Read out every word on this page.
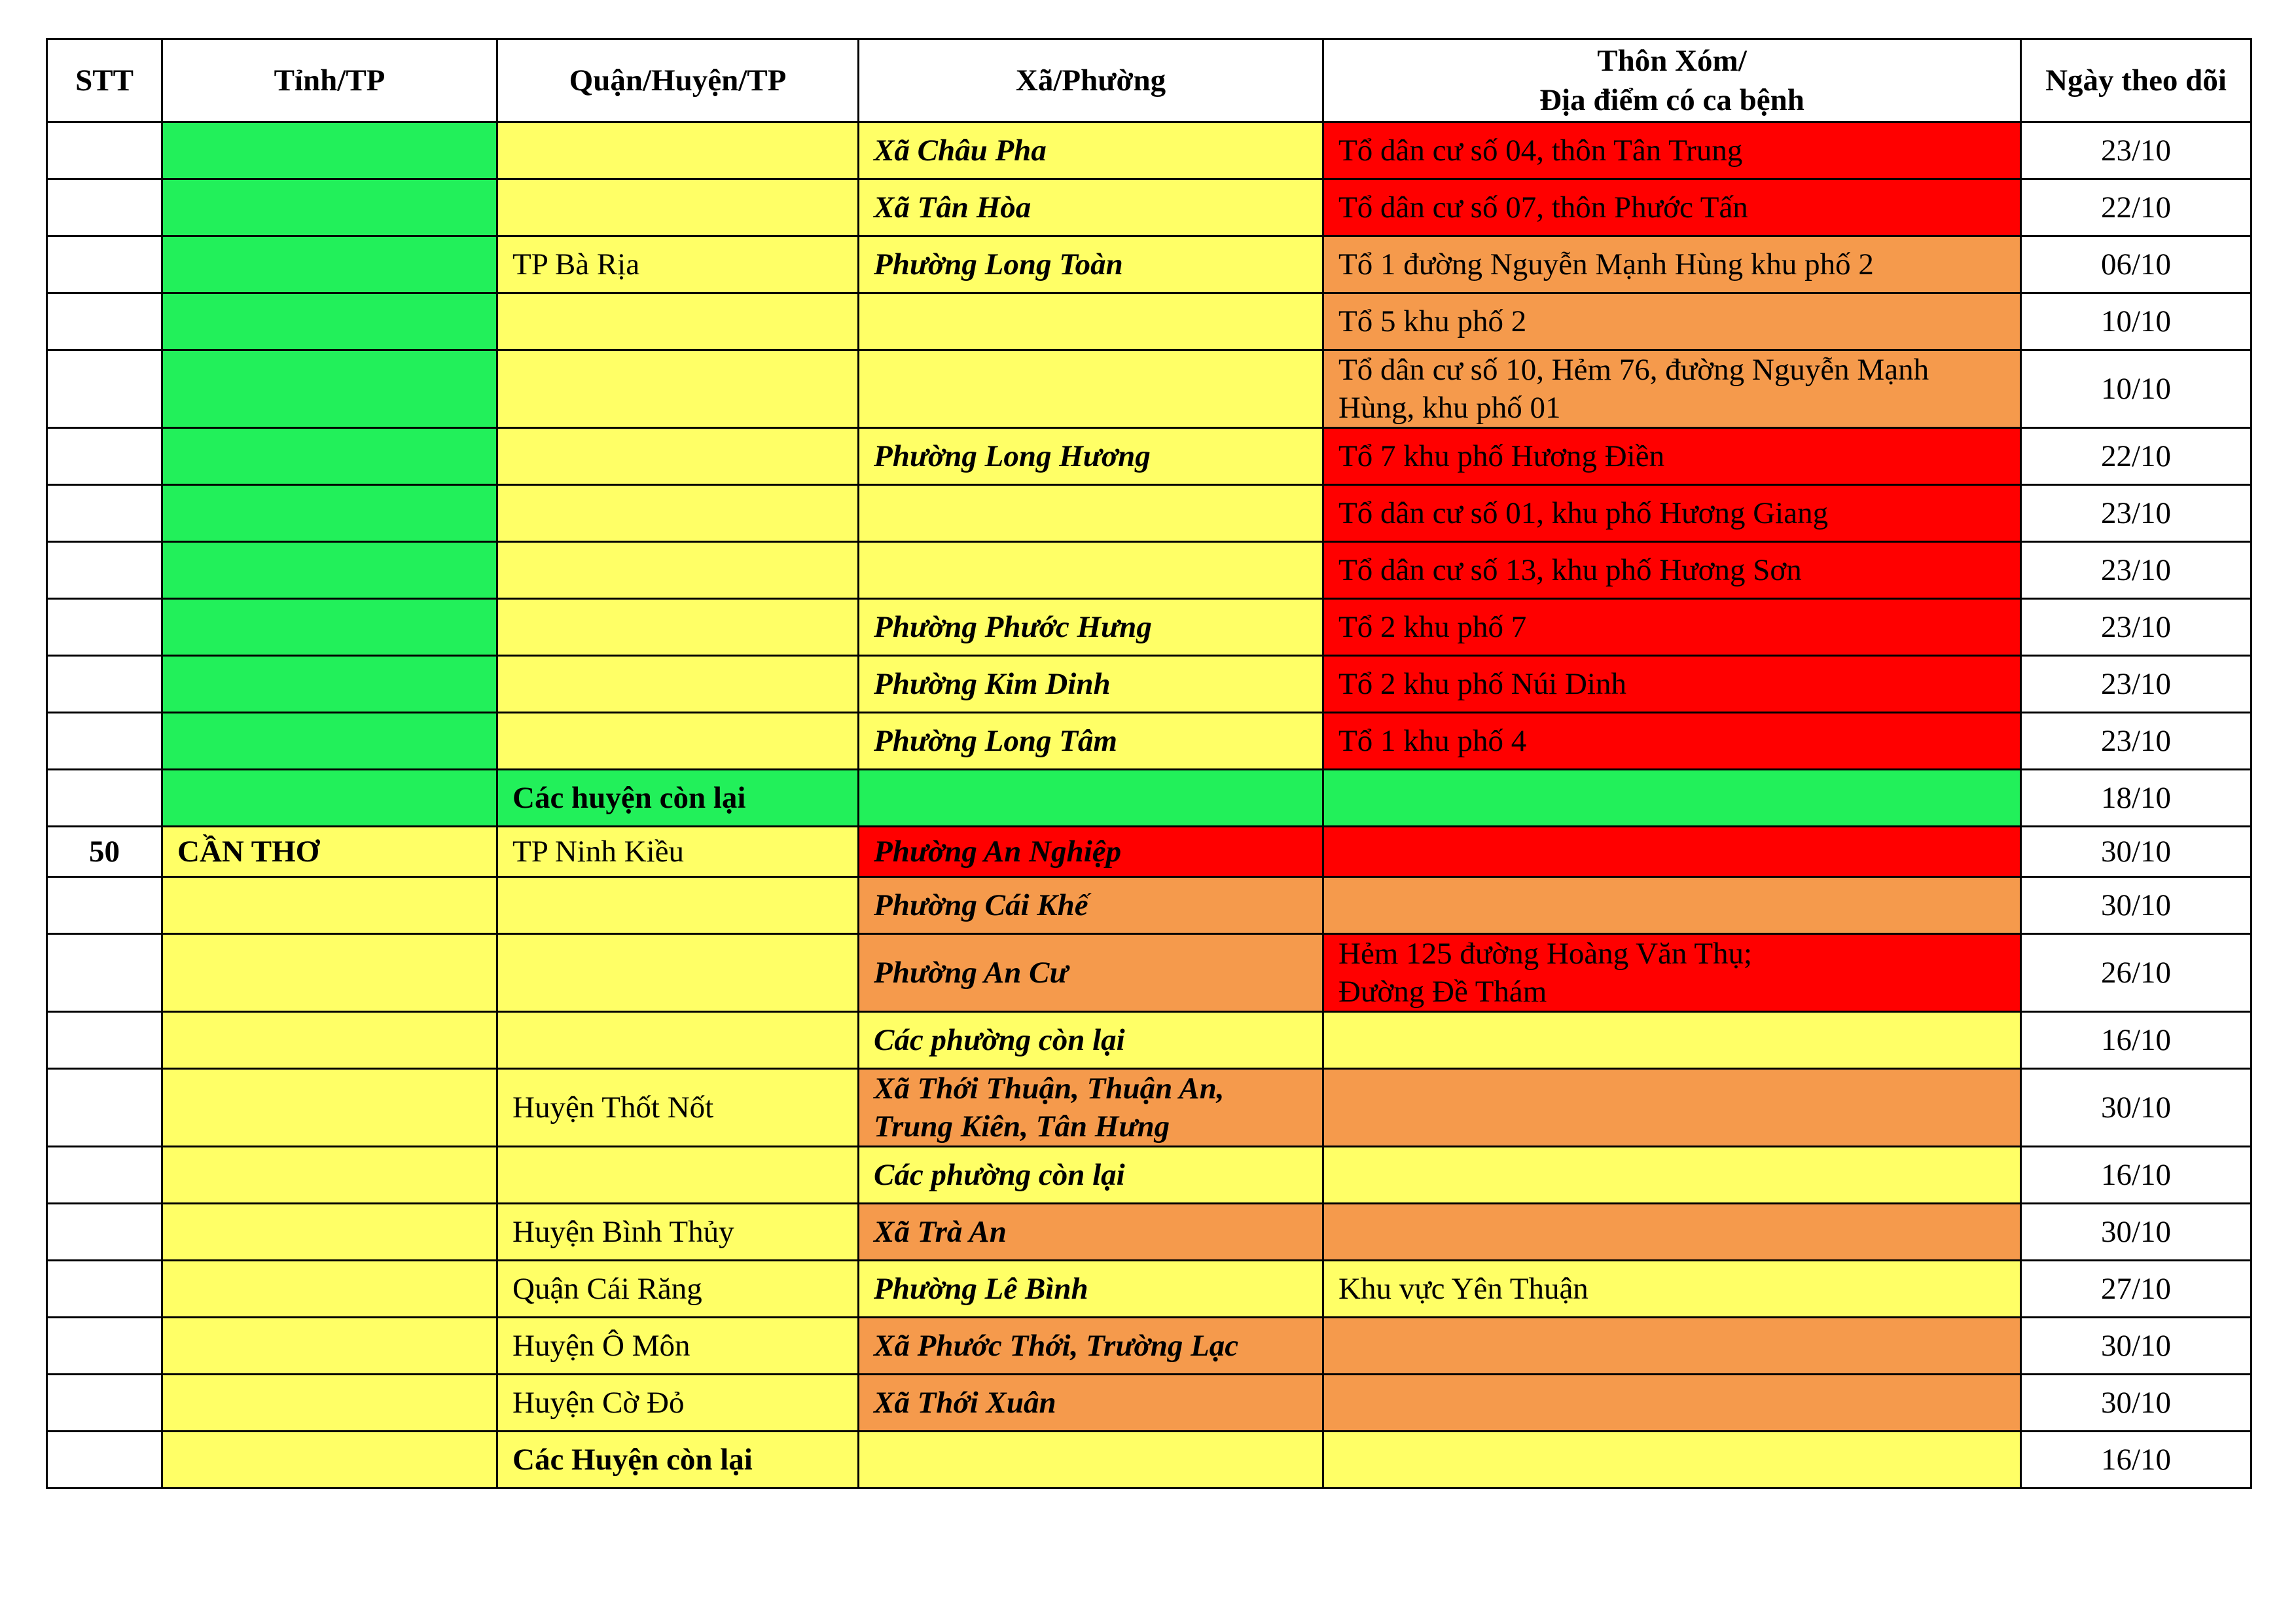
STT	Tỉnh/TP	Quận/Huyện/TP	Xã/Phường	Thôn Xóm/
Địa điểm có ca bệnh	Ngày theo dõi
			Xã Châu Pha	Tổ dân cư số 04, thôn Tân Trung	23/10
			Xã Tân Hòa	Tổ dân cư số 07, thôn Phước Tấn	22/10
		TP Bà Rịa	Phường Long Toàn	Tổ 1 đường Nguyễn Mạnh Hùng khu phố 2	06/10
				Tổ 5 khu phố 2	10/10
				Tổ dân cư số 10, Hẻm 76, đường Nguyễn Mạnh Hùng, khu phố 01	10/10
			Phường Long Hương	Tổ 7 khu phố Hương Điền	22/10
				Tổ dân cư số 01, khu phố Hương Giang	23/10
				Tổ dân cư số 13, khu phố Hương Sơn	23/10
			Phường Phước Hưng	Tổ 2 khu phố 7	23/10
			Phường Kim Dinh	Tổ 2 khu phố Núi Dinh	23/10
			Phường Long Tâm	Tổ 1 khu phố 4	23/10
		Các huyện còn lại			18/10
50	CẦN THƠ	TP Ninh Kiều	Phường An Nghiệp		30/10
			Phường Cái Khế		30/10
			Phường An Cư	Hẻm 125 đường Hoàng Văn Thụ;
Đường Đề Thám	26/10
			Các phường còn lại		16/10
		Huyện Thốt Nốt	Xã Thới Thuận, Thuận An, Trung Kiên, Tân Hưng		30/10
			Các phường còn lại		16/10
		Huyện Bình Thủy	Xã Trà An		30/10
		Quận Cái Răng	Phường Lê Bình	Khu vực Yên Thuận	27/10
		Huyện Ô Môn	Xã Phước Thới, Trường Lạc		30/10
		Huyện Cờ Đỏ	Xã Thới Xuân		30/10
		Các Huyện còn lại			16/10
